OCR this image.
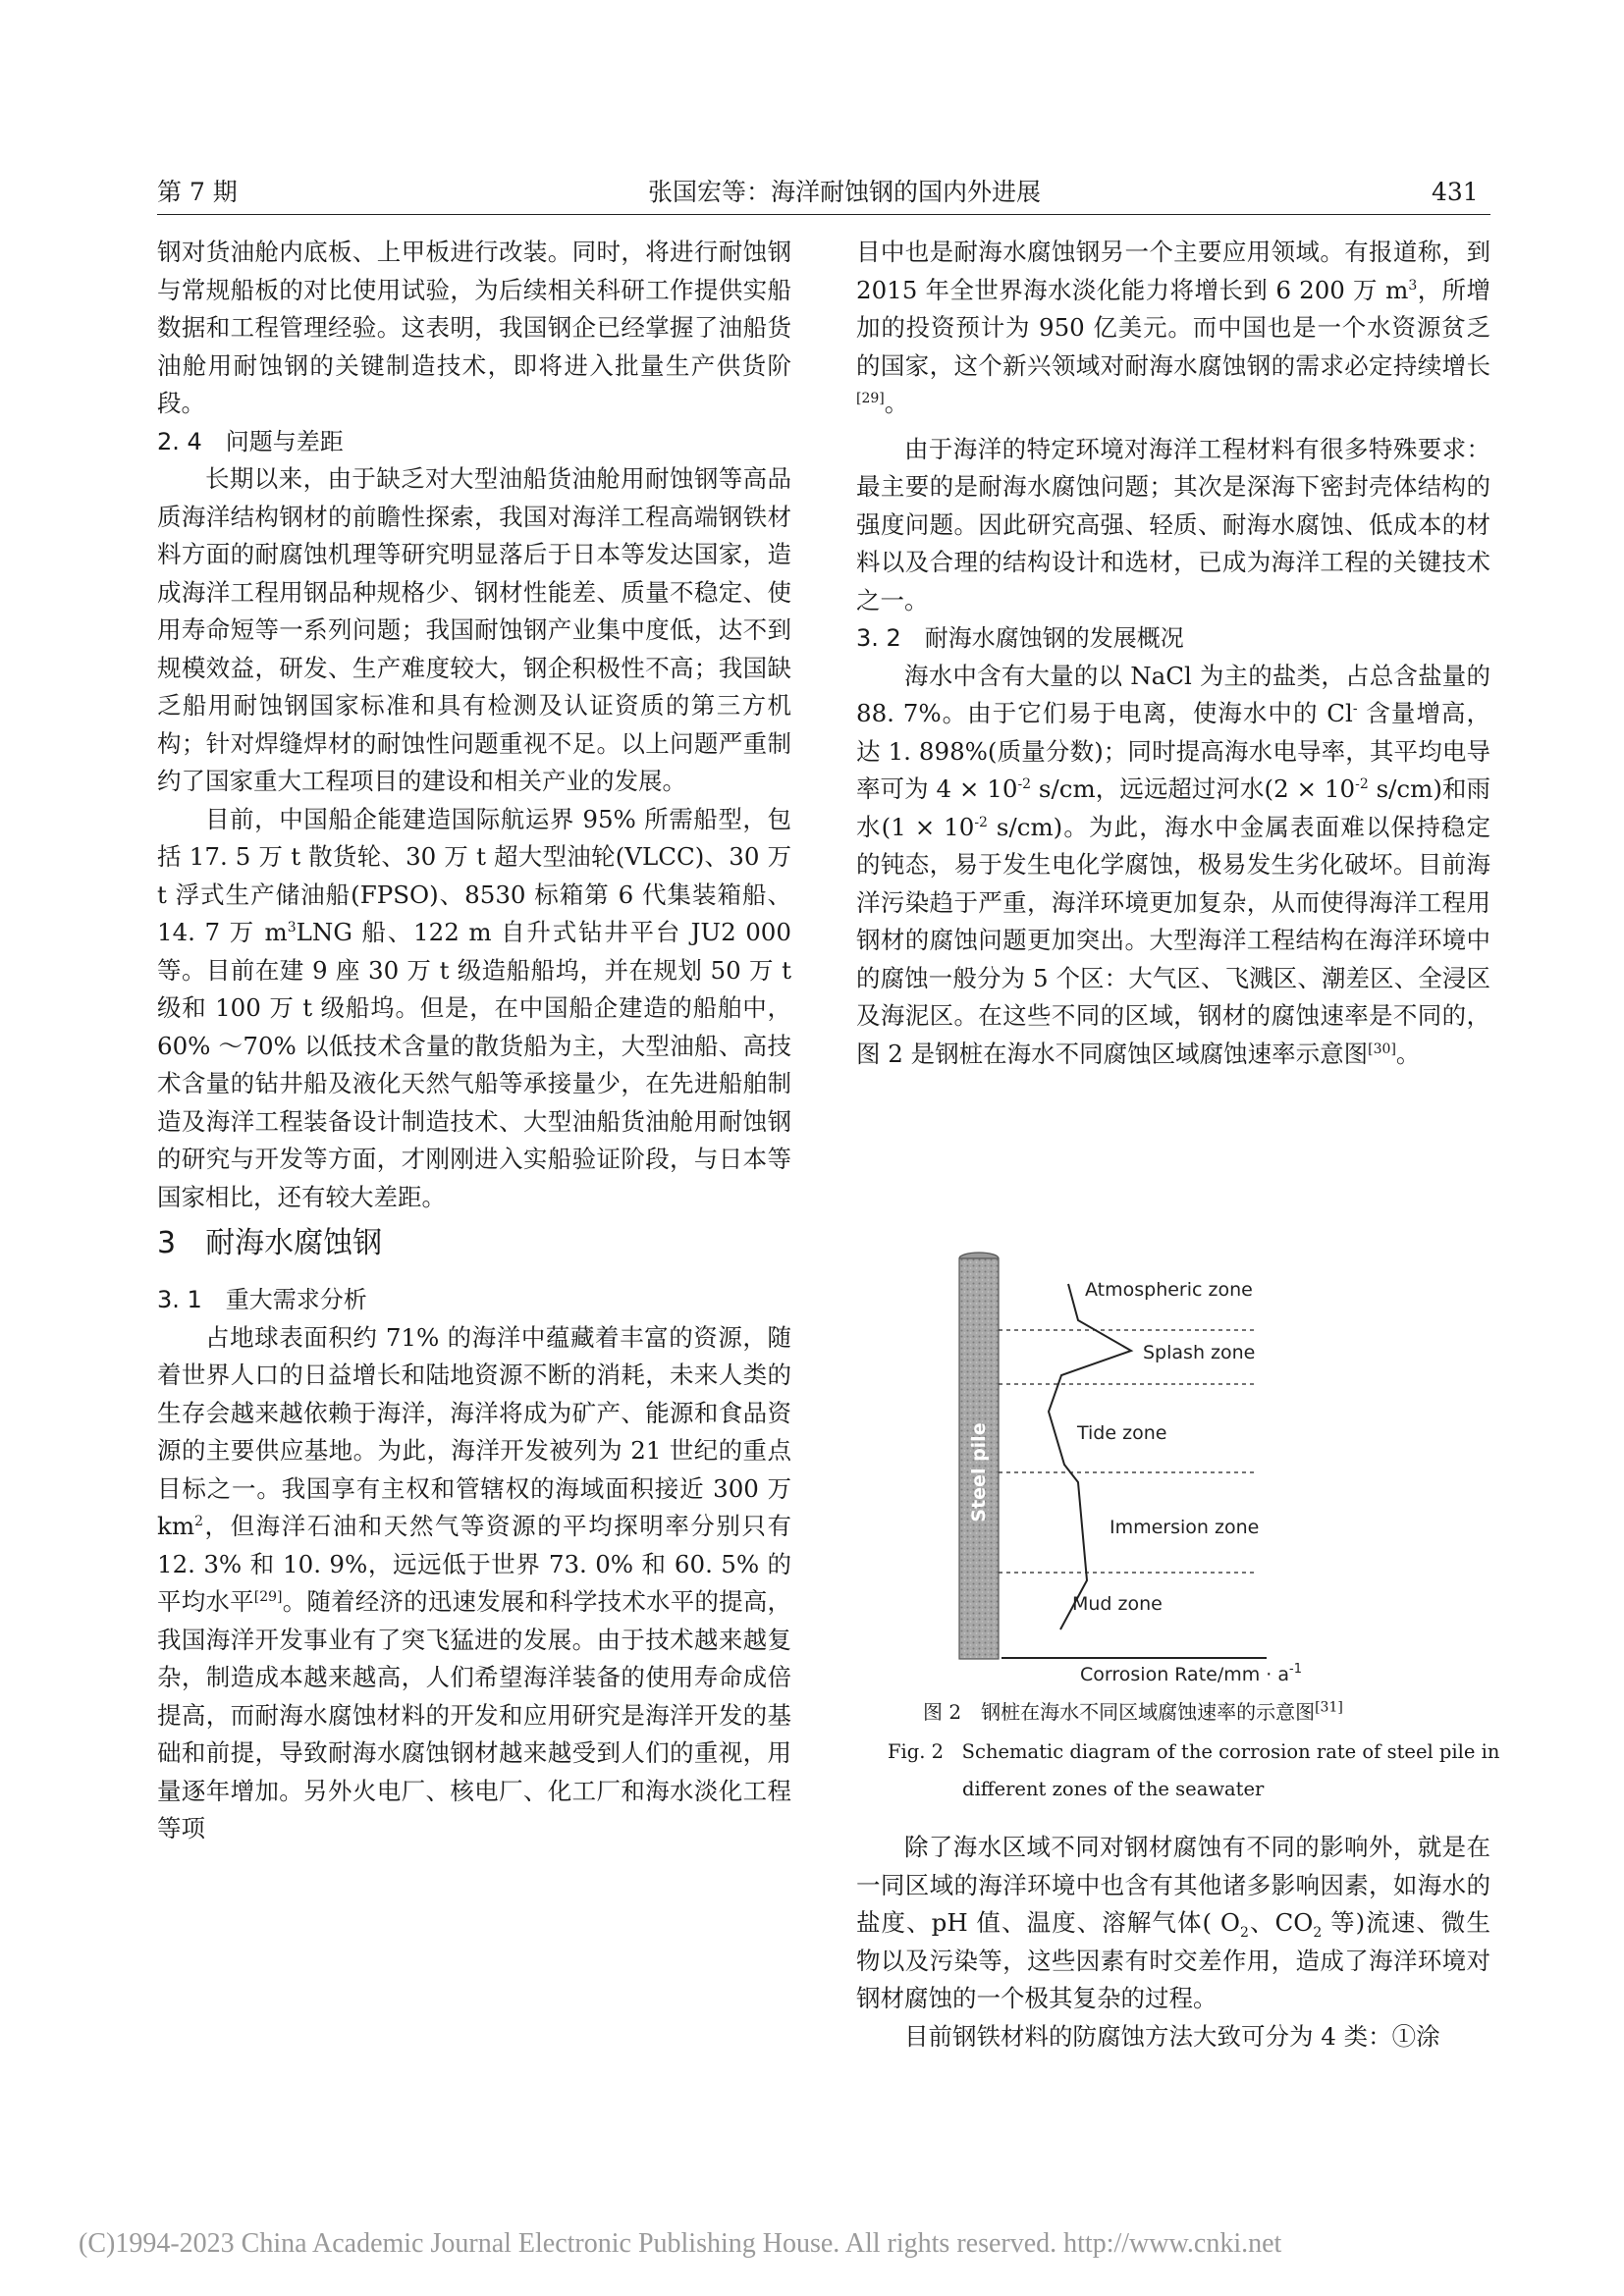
第 7 期	张国宏等：海洋耐蚀钢的国内外进展	431

钢对货油舱内底板、上甲板进行改装。同时，将进行耐蚀钢与常规船板的对比使用试验，为后续相关科研工作提供实船数据和工程管理经验。这表明，我国钢企已经掌握了油船货油舱用耐蚀钢的关键制造技术，即将进入批量生产供货阶段。

2. 4　问题与差距

长期以来，由于缺乏对大型油船货油舱用耐蚀钢等高品质海洋结构钢材的前瞻性探索，我国对海洋工程高端钢铁材料方面的耐腐蚀机理等研究明显落后于日本等发达国家，造成海洋工程用钢品种规格少、钢材性能差、质量不稳定、使用寿命短等一系列问题；我国耐蚀钢产业集中度低，达不到规模效益，研发、生产难度较大，钢企积极性不高；我国缺乏船用耐蚀钢国家标准和具有检测及认证资质的第三方机构；针对焊缝焊材的耐蚀性问题重视不足。以上问题严重制约了国家重大工程项目的建设和相关产业的发展。

目前，中国船企能建造国际航运界 95% 所需船型，包括 17. 5 万 t 散货轮、30 万 t 超大型油轮(VLCC)、30 万 t 浮式生产储油船(FPSO)、8530 标箱第 6 代集装箱船、14. 7 万 $m^3LNG$ 船、122 m 自升式钻井平台 JU2 000 等。目前在建 9 座 30 万 t 级造船船坞，并在规划 50 万 t 级和 100 万 t 级船坞。但是，在中国船企建造的船舶中，60% ～70% 以低技术含量的散货船为主，大型油船、高技术含量的钻井船及液化天然气船等承接量少，在先进船舶制造及海洋工程装备设计制造技术、大型油船货油舱用耐蚀钢的研究与开发等方面，才刚刚进入实船验证阶段，与日本等国家相比，还有较大差距。

3　耐海水腐蚀钢

3. 1　重大需求分析

占地球表面积约 71% 的海洋中蕴藏着丰富的资源，随着世界人口的日益增长和陆地资源不断的消耗，未来人类的生存会越来越依赖于海洋，海洋将成为矿产、能源和食品资源的主要供应基地。为此，海洋开发被列为 21 世纪的重点目标之一。我国享有主权和管辖权的海域面积接近 300 万 $km^2$，但海洋石油和天然气等资源的平均探明率分别只有 12. 3% 和 10. 9%，远远低于世界 73. 0% 和 60. 5% 的平均水平[29]。随着经济的迅速发展和科学技术水平的提高，我国海洋开发事业有了突飞猛进的发展。由于技术越来越复杂，制造成本越来越高，人们希望海洋装备的使用寿命成倍提高，而耐海水腐蚀材料的开发和应用研究是海洋开发的基础和前提，导致耐海水腐蚀钢材越来越受到人们的重视，用量逐年增加。另外火电厂、核电厂、化工厂和海水淡化工程等项

目中也是耐海水腐蚀钢另一个主要应用领域。有报道称，到 2015 年全世界海水淡化能力将增长到 6 200 万 $m^3$，所增加的投资预计为 950 亿美元。而中国也是一个水资源贫乏的国家，这个新兴领域对耐海水腐蚀钢的需求必定持续增长[29]。

由于海洋的特定环境对海洋工程材料有很多特殊要求：最主要的是耐海水腐蚀问题；其次是深海下密封壳体结构的强度问题。因此研究高强、轻质、耐海水腐蚀、低成本的材料以及合理的结构设计和选材，已成为海洋工程的关键技术之一。

3. 2　耐海水腐蚀钢的发展概况

海水中含有大量的以 NaCl 为主的盐类，占总含盐量的 88. 7%。由于它们易于电离，使海水中的 Cl- 含量增高，达 1. 898%(质量分数)；同时提高海水电导率，其平均电导率可为 $4 \times 10^{-2}$ s/cm，远远超过河水($2 \times 10^{-2}$ s/cm)和雨水($1 \times 10^{-2}$ s/cm)。为此，海水中金属表面难以保持稳定的钝态，易于发生电化学腐蚀，极易发生劣化破坏。目前海洋污染趋于严重，海洋环境更加复杂，从而使得海洋工程用钢材的腐蚀问题更加突出。大型海洋工程结构在海洋环境中的腐蚀一般分为 5 个区：大气区、飞溅区、潮差区、全浸区及海泥区。在这些不同的区域，钢材的腐蚀速率是不同的，图 2 是钢桩在海水不同腐蚀区域腐蚀速率示意图[30]。

Steel pile
Atmospheric zone
Splash zone
Tide zone
Immersion zone
Mud zone
Corrosion Rate/mm · $a^{-1}$
图 2　钢桩在海水不同区域腐蚀速率的示意图[31]
Fig. 2 Schematic diagram of the corrosion rate of steel pile in
different zones of the seawater

除了海水区域不同对钢材腐蚀有不同的影响外，就是在一同区域的海洋环境中也含有其他诸多影响因素，如海水的盐度、pH 值、温度、溶解气体( $O_2$、$CO_2$ 等)流速、微生物以及污染等，这些因素有时交差作用，造成了海洋环境对钢材腐蚀的一个极其复杂的过程。

目前钢铁材料的防腐蚀方法大致可分为 4 类：①涂

(C)1994-2023 China Academic Journal Electronic Publishing House. All rights reserved. http://www.cnki.net
